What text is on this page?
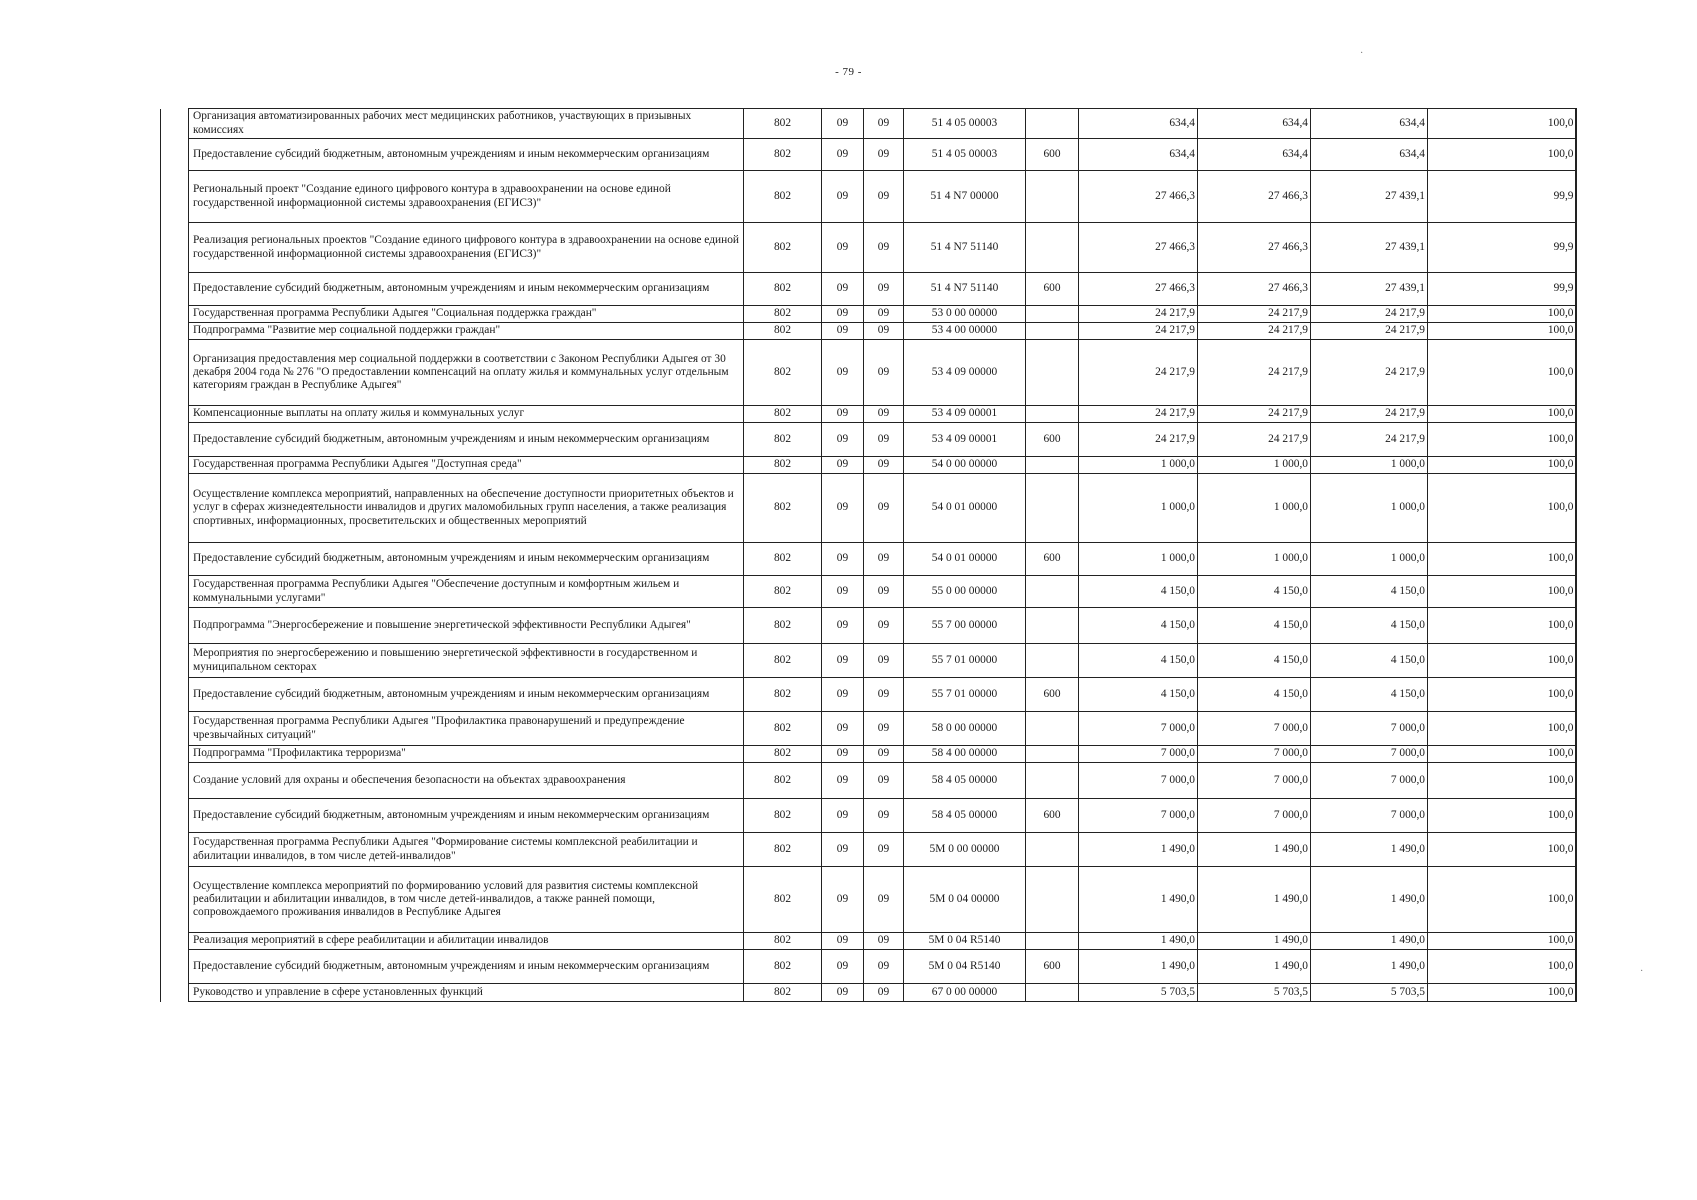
- 79 -
·
·
	Организация автоматизированных рабочих мест медицинских работников, участвующих в призывных комиссиях	802	09	09	51 4 05 00003		634,4	634,4	634,4	100,0
	Предоставление субсидий бюджетным, автономным учреждениям и иным некоммерческим организациям	802	09	09	51 4 05 00003	600	634,4	634,4	634,4	100,0
	Региональный проект "Создание единого цифрового контура в здравоохранении на основе единой государственной информационной системы здравоохранения (ЕГИСЗ)"	802	09	09	51 4 N7 00000		27 466,3	27 466,3	27 439,1	99,9
	Реализация региональных проектов "Создание единого цифрового контура в здравоохранении на основе единой государственной информационной системы здравоохранения (ЕГИСЗ)"	802	09	09	51 4 N7 51140		27 466,3	27 466,3	27 439,1	99,9
	Предоставление субсидий бюджетным, автономным учреждениям и иным некоммерческим организациям	802	09	09	51 4 N7 51140	600	27 466,3	27 466,3	27 439,1	99,9
	Государственная программа Республики Адыгея "Социальная поддержка граждан"	802	09	09	53 0 00 00000		24 217,9	24 217,9	24 217,9	100,0
	Подпрограмма "Развитие мер социальной поддержки граждан"	802	09	09	53 4 00 00000		24 217,9	24 217,9	24 217,9	100,0
	Организация предоставления мер социальной поддержки в соответствии с Законом Республики Адыгея от 30 декабря 2004 года № 276 "О предоставлении компенсаций на оплату жилья и коммунальных услуг отдельным категориям граждан в Республике Адыгея"	802	09	09	53 4 09 00000		24 217,9	24 217,9	24 217,9	100,0
	Компенсационные выплаты на оплату жилья и коммунальных услуг	802	09	09	53 4 09 00001		24 217,9	24 217,9	24 217,9	100,0
	Предоставление субсидий бюджетным, автономным учреждениям и иным некоммерческим организациям	802	09	09	53 4 09 00001	600	24 217,9	24 217,9	24 217,9	100,0
	Государственная программа Республики Адыгея "Доступная среда"	802	09	09	54 0 00 00000		1 000,0	1 000,0	1 000,0	100,0
	Осуществление комплекса мероприятий, направленных на обеспечение доступности приоритетных объектов и услуг в сферах жизнедеятельности инвалидов и других маломобильных групп населения, а также реализация спортивных, информационных, просветительских и общественных мероприятий	802	09	09	54 0 01 00000		1 000,0	1 000,0	1 000,0	100,0
	Предоставление субсидий бюджетным, автономным учреждениям и иным некоммерческим организациям	802	09	09	54 0 01 00000	600	1 000,0	1 000,0	1 000,0	100,0
	Государственная программа Республики Адыгея "Обеспечение доступным и комфортным жильем и коммунальными услугами"	802	09	09	55 0 00 00000		4 150,0	4 150,0	4 150,0	100,0
	Подпрограмма "Энергосбережение и повышение энергетической эффективности Республики Адыгея"	802	09	09	55 7 00 00000		4 150,0	4 150,0	4 150,0	100,0
	Мероприятия по энергосбережению и повышению энергетической эффективности в государственном и муниципальном секторах	802	09	09	55 7 01 00000		4 150,0	4 150,0	4 150,0	100,0
	Предоставление субсидий бюджетным, автономным учреждениям и иным некоммерческим организациям	802	09	09	55 7 01 00000	600	4 150,0	4 150,0	4 150,0	100,0
	Государственная программа Республики Адыгея "Профилактика правонарушений и предупреждение чрезвычайных ситуаций"	802	09	09	58 0 00 00000		7 000,0	7 000,0	7 000,0	100,0
	Подпрограмма "Профилактика терроризма"	802	09	09	58 4 00 00000		7 000,0	7 000,0	7 000,0	100,0
	Создание условий для охраны и обеспечения безопасности на объектах здравоохранения	802	09	09	58 4 05 00000		7 000,0	7 000,0	7 000,0	100,0
	Предоставление субсидий бюджетным, автономным учреждениям и иным некоммерческим организациям	802	09	09	58 4 05 00000	600	7 000,0	7 000,0	7 000,0	100,0
	Государственная программа Республики Адыгея "Формирование системы комплексной реабилитации и абилитации инвалидов, в том числе детей-инвалидов"	802	09	09	5М 0 00 00000		1 490,0	1 490,0	1 490,0	100,0
	Осуществление комплекса мероприятий по формированию условий для развития системы комплексной реабилитации и абилитации инвалидов, в том числе детей-инвалидов, а также ранней помощи, сопровождаемого проживания инвалидов в Республике Адыгея	802	09	09	5М 0 04 00000		1 490,0	1 490,0	1 490,0	100,0
	Реализация мероприятий в сфере реабилитации и абилитации инвалидов	802	09	09	5М 0 04 R5140		1 490,0	1 490,0	1 490,0	100,0
	Предоставление субсидий бюджетным, автономным учреждениям и иным некоммерческим организациям	802	09	09	5М 0 04 R5140	600	1 490,0	1 490,0	1 490,0	100,0
	Руководство и управление в сфере установленных функций	802	09	09	67 0 00 00000		5 703,5	5 703,5	5 703,5	100,0
